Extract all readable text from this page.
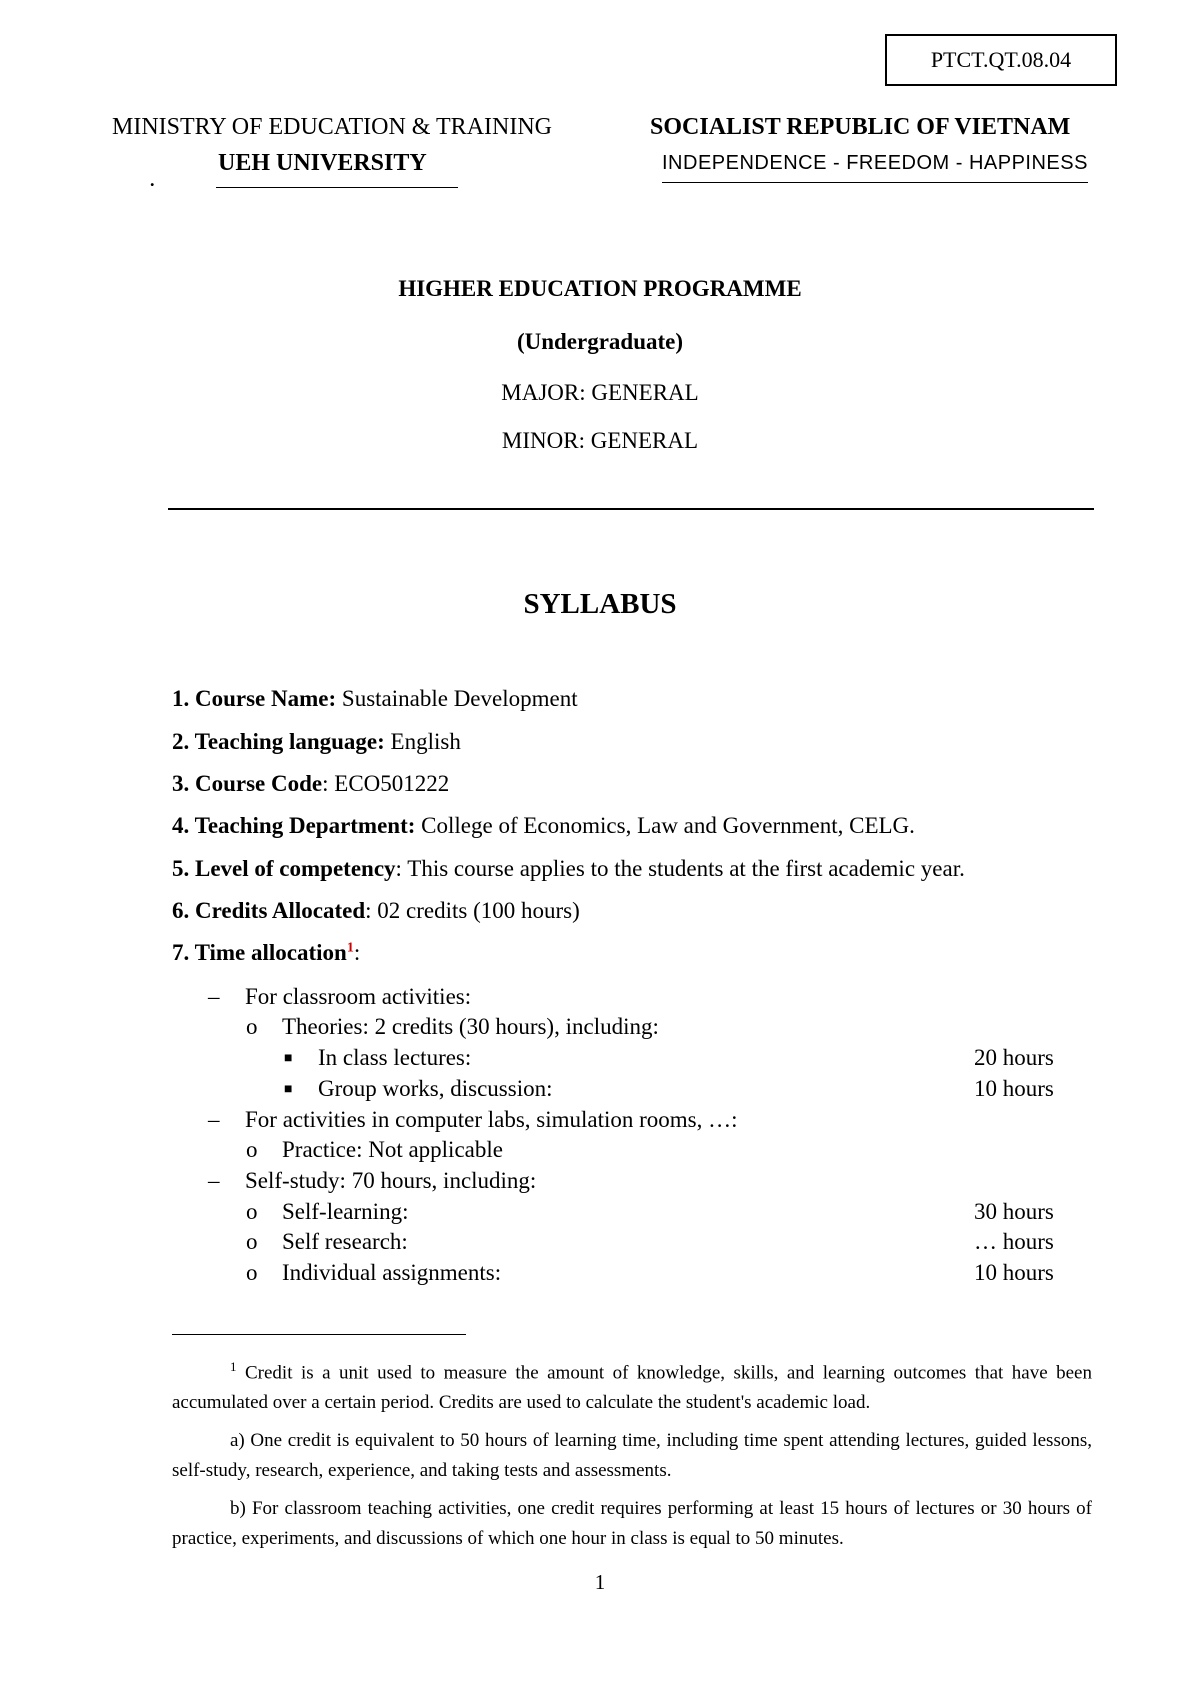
PTCT.QT.08.04
MINISTRY OF EDUCATION & TRAINING
UEH UNIVERSITY
.
SOCIALIST REPUBLIC OF VIETNAM
INDEPENDENCE - FREEDOM - HAPPINESS
HIGHER EDUCATION PROGRAMME
(Undergraduate)
MAJOR: GENERAL
MINOR: GENERAL
SYLLABUS
1. Course Name: Sustainable Development
2. Teaching language: English
3. Course Code: ECO501222
4. Teaching Department: College of Economics, Law and Government, CELG.
5. Level of competency: This course applies to the students at the first academic year.
6. Credits Allocated: 02 credits (100 hours)
7. Time allocation$^1$:
– For classroom activities:
o Theories: 2 credits (30 hours), including:
■ In class lectures:	20 hours
■ Group works, discussion:	10 hours
– For activities in computer labs, simulation rooms, …:
o Practice: Not applicable
– Self-study: 70 hours, including:
o Self-learning:	30 hours
o Self research:	… hours
o Individual assignments:	10 hours

$^1$ Credit is a unit used to measure the amount of knowledge, skills, and learning outcomes that have been accumulated over a certain period. Credits are used to calculate the student's academic load.

a) One credit is equivalent to 50 hours of learning time, including time spent attending lectures, guided lessons, self-study, research, experience, and taking tests and assessments.

b) For classroom teaching activities, one credit requires performing at least 15 hours of lectures or 30 hours of practice, experiments, and discussions of which one hour in class is equal to 50 minutes.

1
